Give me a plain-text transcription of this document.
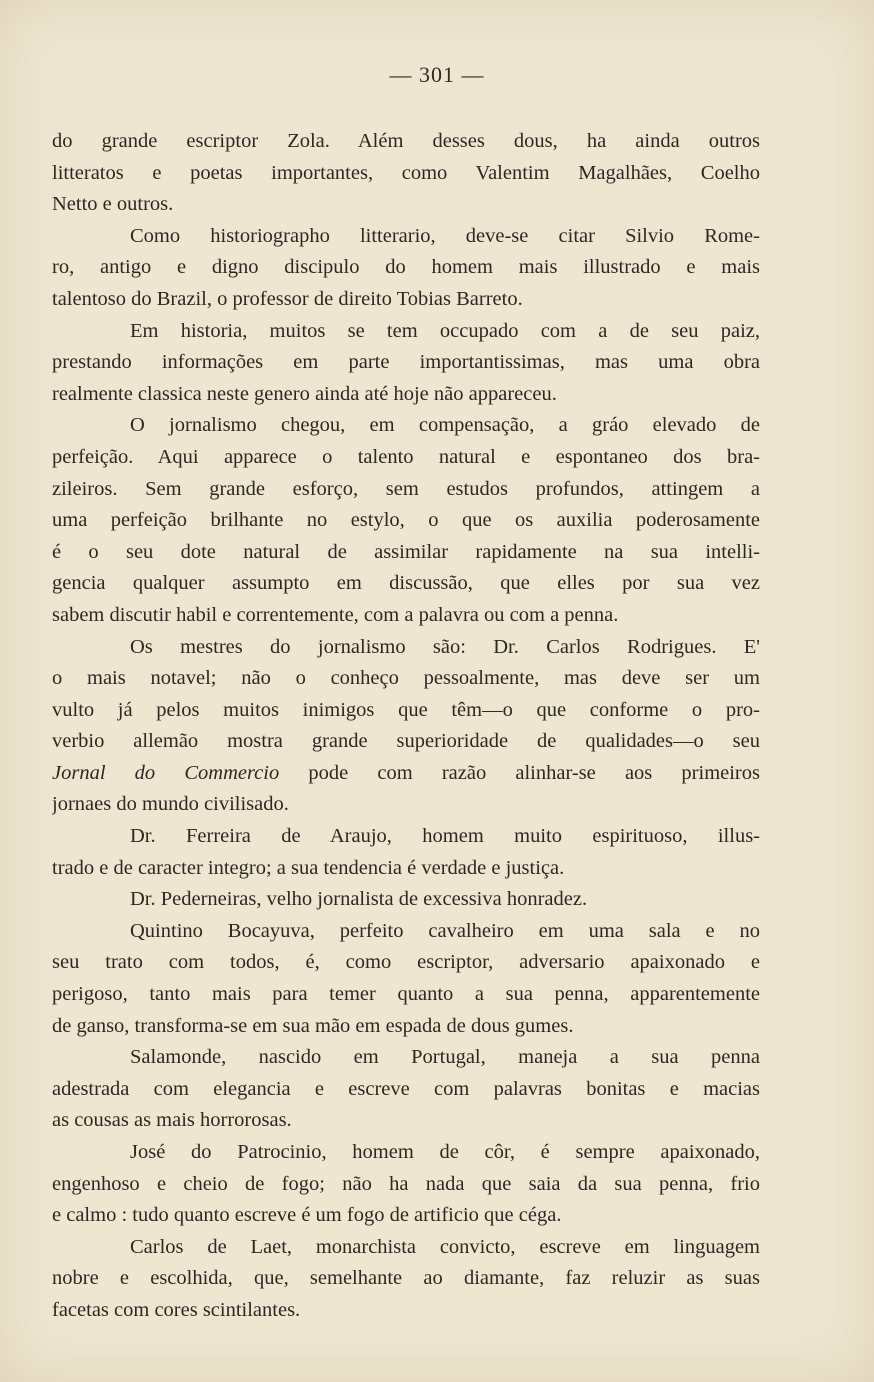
— 301 —
do grande escriptor Zola. Além desses dous, ha ainda outros
litteratos e poetas importantes, como Valentim Magalhães, Coelho
Netto e outros.
Como historiographo litterario, deve-se citar Silvio Rome-
ro, antigo e digno discipulo do homem mais illustrado e mais
talentoso do Brazil, o professor de direito Tobias Barreto.
Em historia, muitos se tem occupado com a de seu paiz,
prestando informações em parte importantissimas, mas uma obra
realmente classica neste genero ainda até hoje não appareceu.
O jornalismo chegou, em compensação, a gráo elevado de
perfeição. Aqui apparece o talento natural e espontaneo dos bra-
zileiros. Sem grande esforço, sem estudos profundos, attingem a
uma perfeição brilhante no estylo, o que os auxilia poderosamente
é o seu dote natural de assimilar rapidamente na sua intelli-
gencia qualquer assumpto em discussão, que elles por sua vez
sabem discutir habil e correntemente, com a palavra ou com a penna.
Os mestres do jornalismo são: Dr. Carlos Rodrigues. E'
o mais notavel; não o conheço pessoalmente, mas deve ser um
vulto já pelos muitos inimigos que têm—o que conforme o pro-
verbio allemão mostra grande superioridade de qualidades—o seu
Jornal do Commercio pode com razão alinhar-se aos primeiros
jornaes do mundo civilisado.
Dr. Ferreira de Araujo, homem muito espirituoso, illus-
trado e de caracter integro; a sua tendencia é verdade e justiça.
Dr. Pederneiras, velho jornalista de excessiva honradez.
Quintino Bocayuva, perfeito cavalheiro em uma sala e no
seu trato com todos, é, como escriptor, adversario apaixonado e
perigoso, tanto mais para temer quanto a sua penna, apparentemente
de ganso, transforma-se em sua mão em espada de dous gumes.
Salamonde, nascido em Portugal, maneja a sua penna
adestrada com elegancia e escreve com palavras bonitas e macias
as cousas as mais horrorosas.
José do Patrocinio, homem de côr, é sempre apaixonado,
engenhoso e cheio de fogo; não ha nada que saia da sua penna, frio
e calmo : tudo quanto escreve é um fogo de artificio que céga.
Carlos de Laet, monarchista convicto, escreve em linguagem
nobre e escolhida, que, semelhante ao diamante, faz reluzir as suas
facetas com cores scintilantes.
